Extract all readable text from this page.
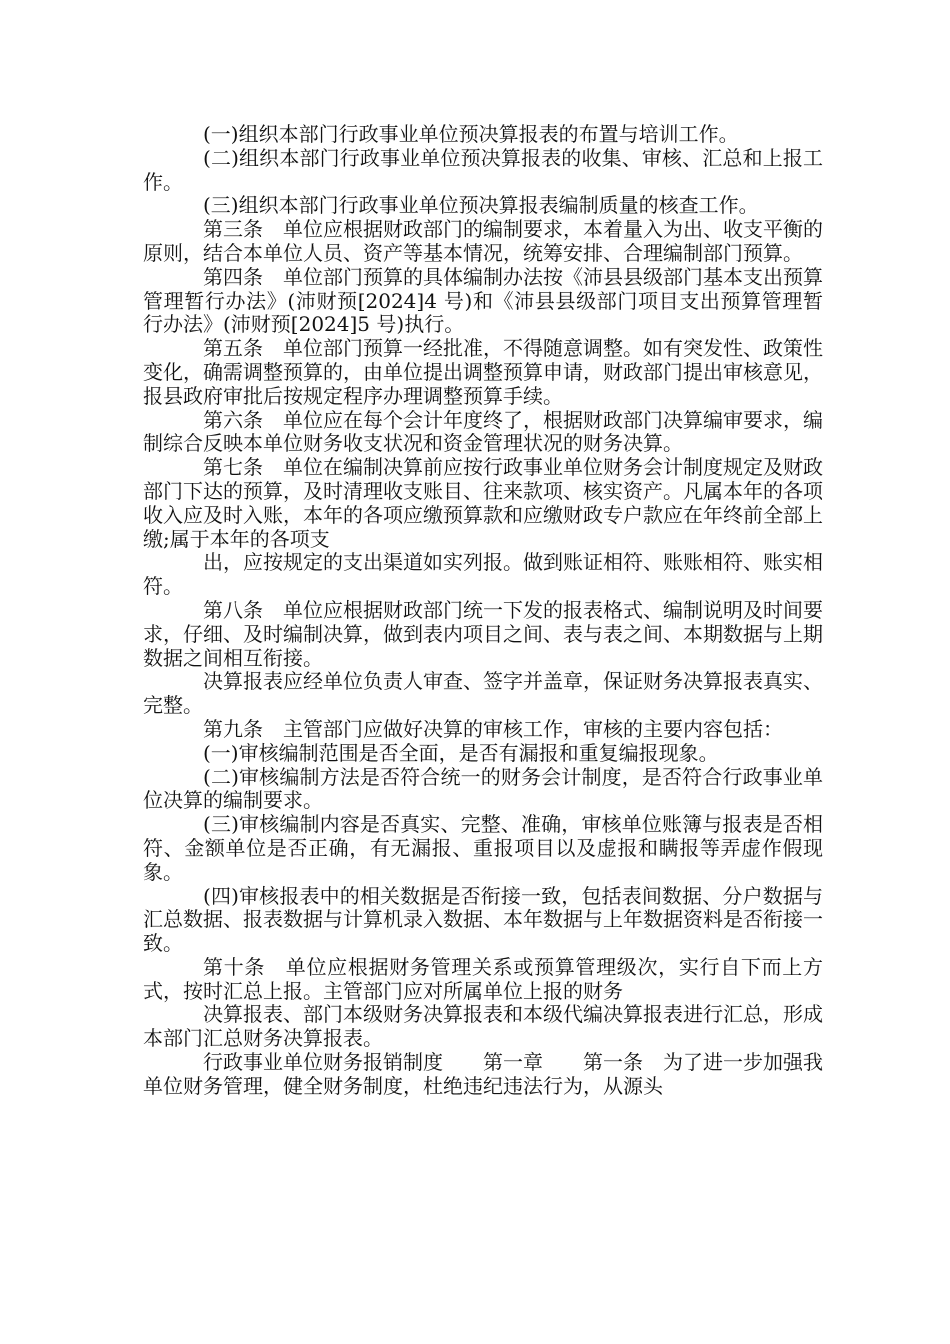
(一)组织本部门行政事业单位预决算报表的布置与培训工作。

(二)组织本部门行政事业单位预决算报表的收集、审核、汇总和上报工作。

(三)组织本部门行政事业单位预决算报表编制质量的核查工作。

第三条　单位应根据财政部门的编制要求，本着量入为出、收支平衡的原则，结合本单位人员、资产等基本情况，统筹安排、合理编制部门预算。

第四条　单位部门预算的具体编制办法按《沛县县级部门基本支出预算管理暂行办法》(沛财预[2024]4 号)和《沛县县级部门项目支出预算管理暂行办法》(沛财预[2024]5 号)执行。

第五条　单位部门预算一经批准，不得随意调整。如有突发性、政策性变化，确需调整预算的，由单位提出调整预算申请，财政部门提出审核意见，报县政府审批后按规定程序办理调整预算手续。

第六条　单位应在每个会计年度终了，根据财政部门决算编审要求，编制综合反映本单位财务收支状况和资金管理状况的财务决算。

第七条　单位在编制决算前应按行政事业单位财务会计制度规定及财政部门下达的预算，及时清理收支账目、往来款项、核实资产。凡属本年的各项收入应及时入账，本年的各项应缴预算款和应缴财政专户款应在年终前全部上缴;属于本年的各项支

出，应按规定的支出渠道如实列报。做到账证相符、账账相符、账实相符。

第八条　单位应根据财政部门统一下发的报表格式、编制说明及时间要求，仔细、及时编制决算，做到表内项目之间、表与表之间、本期数据与上期数据之间相互衔接。

决算报表应经单位负责人审查、签字并盖章，保证财务决算报表真实、完整。

第九条　主管部门应做好决算的审核工作，审核的主要内容包括：

(一)审核编制范围是否全面，是否有漏报和重复编报现象。

(二)审核编制方法是否符合统一的财务会计制度，是否符合行政事业单位决算的编制要求。

(三)审核编制内容是否真实、完整、准确，审核单位账簿与报表是否相符、金额单位是否正确，有无漏报、重报项目以及虚报和瞒报等弄虚作假现象。

(四)审核报表中的相关数据是否衔接一致，包括表间数据、分户数据与汇总数据、报表数据与计算机录入数据、本年数据与上年数据资料是否衔接一致。

第十条　单位应根据财务管理关系或预算管理级次，实行自下而上方式，按时汇总上报。主管部门应对所属单位上报的财务

决算报表、部门本级财务决算报表和本级代编决算报表进行汇总，形成本部门汇总财务决算报表。

行政事业单位财务报销制度　　第一章　　第一条　为了进一步加强我单位财务管理，健全财务制度，杜绝违纪违法行为，从源头
